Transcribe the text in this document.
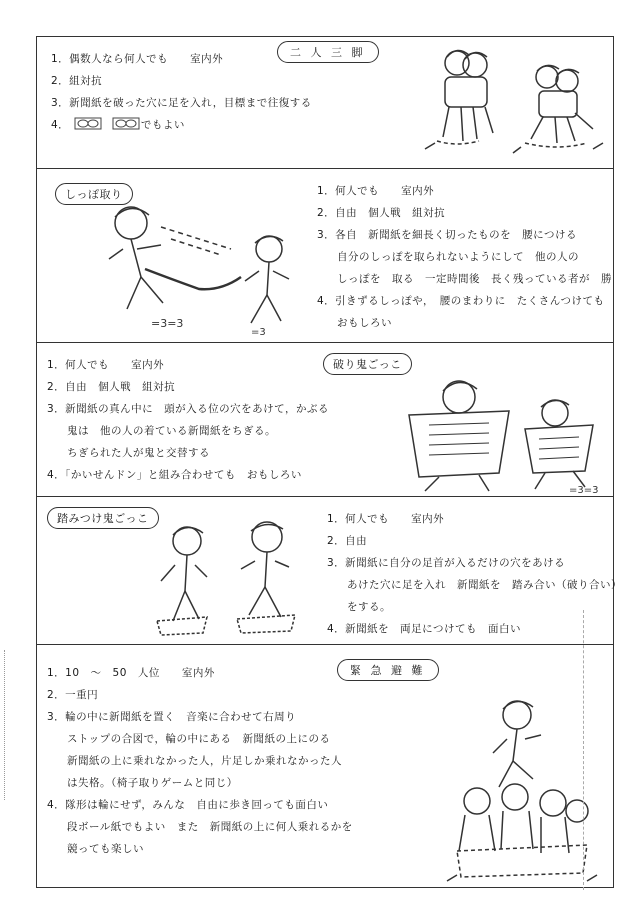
二 人 三 脚
1．偶数人なら何人でも　　室内外
2．組対抗
3．新聞紙を破った穴に足を入れ，目標まで往復する
4．　　　　　　　でもよい
しっぽ取り	1．何人でも　　室内外
2．自由　個人戦　組対抗
3．各自　新聞紙を細長く切ったものを　腰につける
自分のしっぽを取られないようにして　他の人の
しっぽを　取る　一定時間後　長く残っている者が　勝
4．引きずるしっぽや，　腰のまわりに　たくさんつけても
おもしろい
=3=3
=3
破り鬼ごっこ
1．何人でも　　室内外
2．自由　個人戦　組対抗
3．新聞紙の真ん中に　頭が入る位の穴をあけて，かぶる
鬼は　他の人の着ている新聞紙をちぎる。
ちぎられた人が鬼と交替する
4．「かいせんドン」と組み合わせても　おもしろい
=3=3
踏みつけ鬼ごっこ	1．何人でも　　室内外
2．自由
3．新聞紙に自分の足首が入るだけの穴をあける
あけた穴に足を入れ　新聞紙を　踏み合い（破り合い）
をする。
4．新聞紙を　両足につけても　面白い
緊 急 避 難
1．10　〜　50　人位　　室内外
2．一重円
3．輪の中に新聞紙を置く　音楽に合わせて右周り
ストップの合図で，輪の中にある　新聞紙の上にのる
新聞紙の上に乗れなかった人，片足しか乗れなかった人
は失格。（椅子取りゲームと同じ）
4．隊形は輪にせず，みんな　自由に歩き回っても面白い
段ボール紙でもよい　また　新聞紙の上に何人乗れるかを
競っても楽しい
